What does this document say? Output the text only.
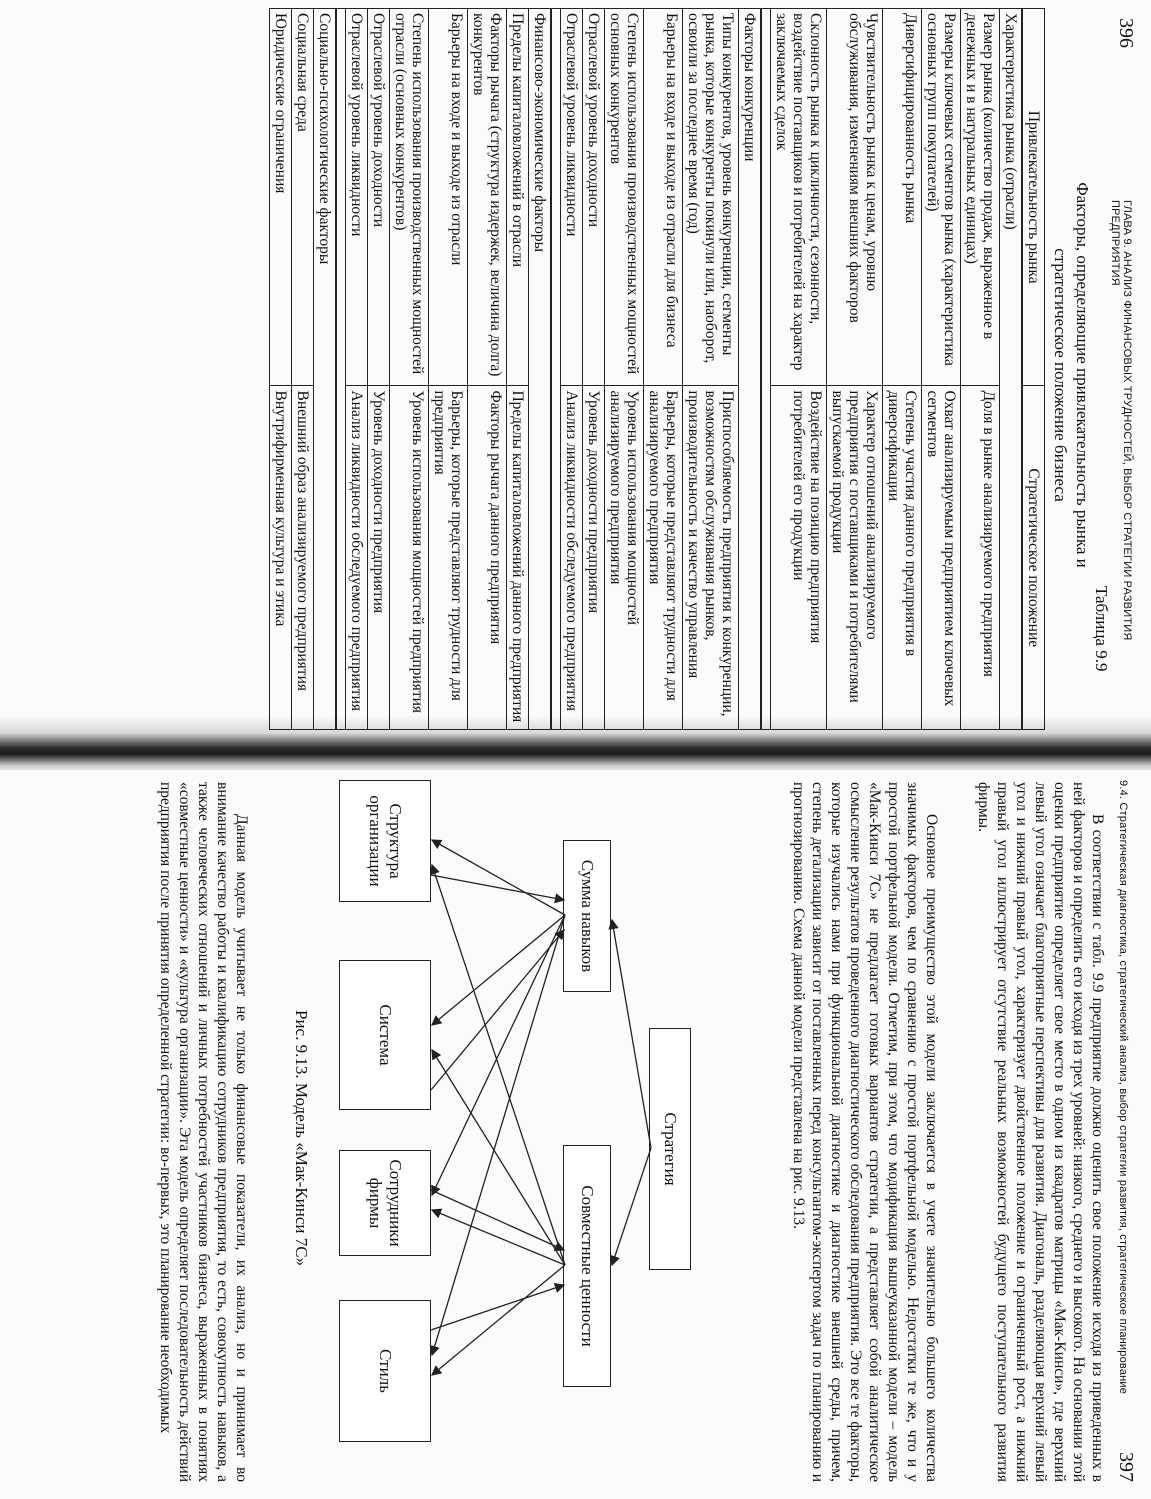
396
ГЛАВА 9. АНАЛИЗ ФИНАНСОВЫХ ТРУДНОСТЕЙ, ВЫБОР СТРАТЕГИИ РАЗВИТИЯ ПРЕДПРИЯТИЯ
Таблица 9.9
Факторы, определяющие привлекательность рынка и
стратегическое положение бизнеса
Привлекательность рынка	Стратегическое положение
Характеристика рынка (отрасли)	
Размер рынка (количество продаж, выраженное в денежных и в натуральных единицах)	Доля в рынке анализируемого предприятия
Размеры ключевых сегментов рынка (характеристика основных групп покупателей)	Охват анализируемым предприятием ключевых сегментов
Диверсифицированность рынка	Степень участия данного предприятия в диверсификации
Чувствительность рынка к ценам, уровню обслуживания, изменениям внешних факторов	Характер отношений анализируемого предприятия с поставщиками и потребителями выпускаемой продукции
Склонность рынка к цикличности, сезонности, воздействие поставщиков и потребителей на характер заключаемых сделок	Воздействие на позицию предприятия потребителей его продукции

Факторы конкуренции	
Типы конкурентов, уровень конкуренции, сегменты рынка, которые конкуренты покинули или, наоборот, освоили за последнее время (год)	Приспособляемость предприятия к конкуренции, возможностям обслуживания рынков, производительность и качество управления
Барьеры на входе и выходе из отрасли для бизнеса	Барьеры, которые представляют трудности для анализируемого предприятия
Степень использования производственных мощностей основных конкурентов	Уровень использования мощностей анализируемого предприятия
Отраслевой уровень доходности	Уровень доходности предприятия
Отраслевой уровень ликвидности	Анализ ликвидности обследуемого предприятия

Финансово-экономические факторы	
Пределы капиталовложений в отрасли	Пределы капиталовложений данного предприятия
Факторы рычага (структура издержек, величина долга) конкурентов	Факторы рычага данного предприятия
Барьеры на входе и выходе из отрасли	Барьеры, которые представляют трудности для предприятия
Степень использования производственных мощностей отрасли (основных конкурентов)	Уровень использования мощностей предприятия
Отраслевой уровень доходности	Уровень доходности предприятия
Отраслевой уровень ликвидности	Анализ ликвидности обследуемого предприятия

Социально-психологические факторы	
Социальная среда	Внешний образ анализируемого предприятия
Юридические ограничения	Внутрифирменная культура и этика
9.4. Стратегическая диагностика, стратегический анализ, выбор стратегии развития, стратегическое планирование
397
В соответствии с табл. 9.9 предприятие должно оценить свое положение исходя из приведенных в ней факторов и определить его исходя из трех уровней: низкого, среднего и высокого. На основании этой оценки предприятие определяет свое место в одном из квадратов матрицы «Мак-Кинси», где верхний левый угол означает благоприятные перспективы для развития. Диагональ, разделяющая верхний левый угол и нижний правый угол, характеризует двойственное положение и ограниченный рост, а нижний правый угол иллюстрирует отсутствие реальных возможностей будущего поступательного развития фирмы.
Основное преимущество этой модели заключается в учете значительно большего количества значимых факторов, чем по сравнению с простой портфельной моделью. Недостатки те же, что и у простой портфельной модели. Отметим, при этом, что модификация вышеуказанной модели – модель «Мак-Кинси 7С» не предлагает готовых вариантов стратегии, а представляет собой аналитическое осмысление результатов проведенного диагностического обследования предприятия. Это все те факторы, которые изучались нами при функциональной диагностике и диагностике внешней среды, причем, степень детализации зависит от поставленных перед консультантом-экспертом задач по планированию и прогнозированию. Схема данной модели представлена на рис. 9.13.
Стратегия
Сумма навыков
Совместные ценности
Структура организации
Система
Сотрудники фирмы
Стиль
Рис. 9.13. Модель «Мак-Кинси 7С»
Данная модель учитывает не только финансовые показатели, их анализ, но и принимает во внимание качество работы и квалификацию сотрудников предприятия, то есть, совокупность навыков, а также человеческих отношений и личных потребностей участников бизнеса, выраженных в понятиях «совместные ценности» и «культура организации». Эта модель определяет последовательность действий предприятия после принятия определенной стратегии: во-первых, это планирование необходимых
